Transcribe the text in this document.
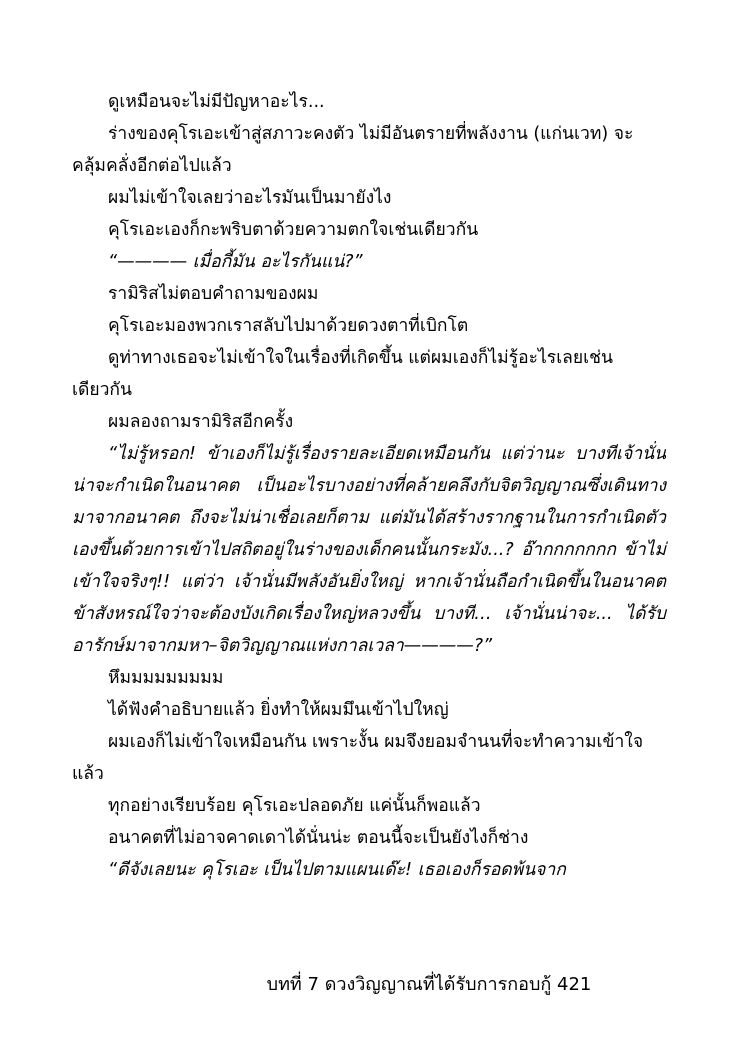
ดูเหมือนจะไม่มีปัญหาอะไร...

ร่างของคุโรเอะเข้าสู่สภาวะคงตัว ไม่มีอันตรายที่พลังงาน (แก่นเวท) จะคลุ้มคลั่งอีกต่อไปแล้ว

ผมไม่เข้าใจเลยว่าอะไรมันเป็นมายังไง

คุโรเอะเองก็กะพริบตาด้วยความตกใจเช่นเดียวกัน

“———— เมื่อกี้มัน อะไรกันแน่?”

รามิริสไม่ตอบคำถามของผม

คุโรเอะมองพวกเราสลับไปมาด้วยดวงตาที่เบิกโต

ดูท่าทางเธอจะไม่เข้าใจในเรื่องที่เกิดขึ้น แต่ผมเองก็ไม่รู้อะไรเลยเช่นเดียวกัน

ผมลองถามรามิริสอีกครั้ง

“ไม่รู้หรอก! ข้าเองก็ไม่รู้เรื่องรายละเอียดเหมือนกัน แต่ว่านะ บางทีเจ้านั่น น่าจะกำเนิดในอนาคต เป็นอะไรบางอย่างที่คล้ายคลึงกับจิตวิญญาณซึ่งเดินทางมาจากอนาคต ถึงจะไม่น่าเชื่อเลยก็ตาม แต่มันได้สร้างรากฐานในการกำเนิดตัวเองขึ้นด้วยการเข้าไปสถิตอยู่ในร่างของเด็กคนนั้นกระมัง...? อ๊ากกกกกกก ข้าไม่เข้าใจจริงๆ!! แต่ว่า เจ้านั่นมีพลังอันยิ่งใหญ่ หากเจ้านั่นถือกำเนิดขึ้นในอนาคต ข้าสังหรณ์ใจว่าจะต้องบังเกิดเรื่องใหญ่หลวงขึ้น บางที… เจ้านั่นน่าจะ... ได้รับอารักษ์มาจากมหา–จิตวิญญาณแห่งกาลเวลา————?”

หึมมมมมมมมม

ได้ฟังคำอธิบายแล้ว ยิ่งทำให้ผมมึนเข้าไปใหญ่

ผมเองก็ไม่เข้าใจเหมือนกัน เพราะงั้น ผมจึงยอมจำนนที่จะทำความเข้าใจแล้ว

ทุกอย่างเรียบร้อย คุโรเอะปลอดภัย แค่นั้นก็พอแล้ว

อนาคตที่ไม่อาจคาดเดาได้นั่นน่ะ ตอนนี้จะเป็นยังไงก็ช่าง

“ดีจังเลยนะ คุโรเอะ เป็นไปตามแผนเด๊ะ! เธอเองก็รอดพ้นจาก

บทที่ 7 ดวงวิญญาณที่ได้รับการกอบกู้ 421
